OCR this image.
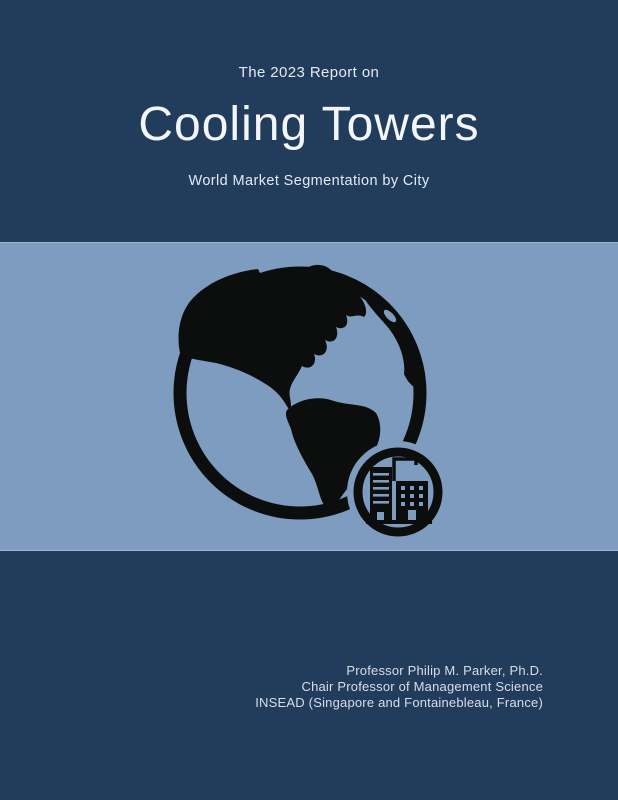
The 2023 Report on
Cooling Towers
World Market Segmentation by City
Professor Philip M. Parker, Ph.D.
Chair Professor of Management Science
INSEAD (Singapore and Fontainebleau, France)
